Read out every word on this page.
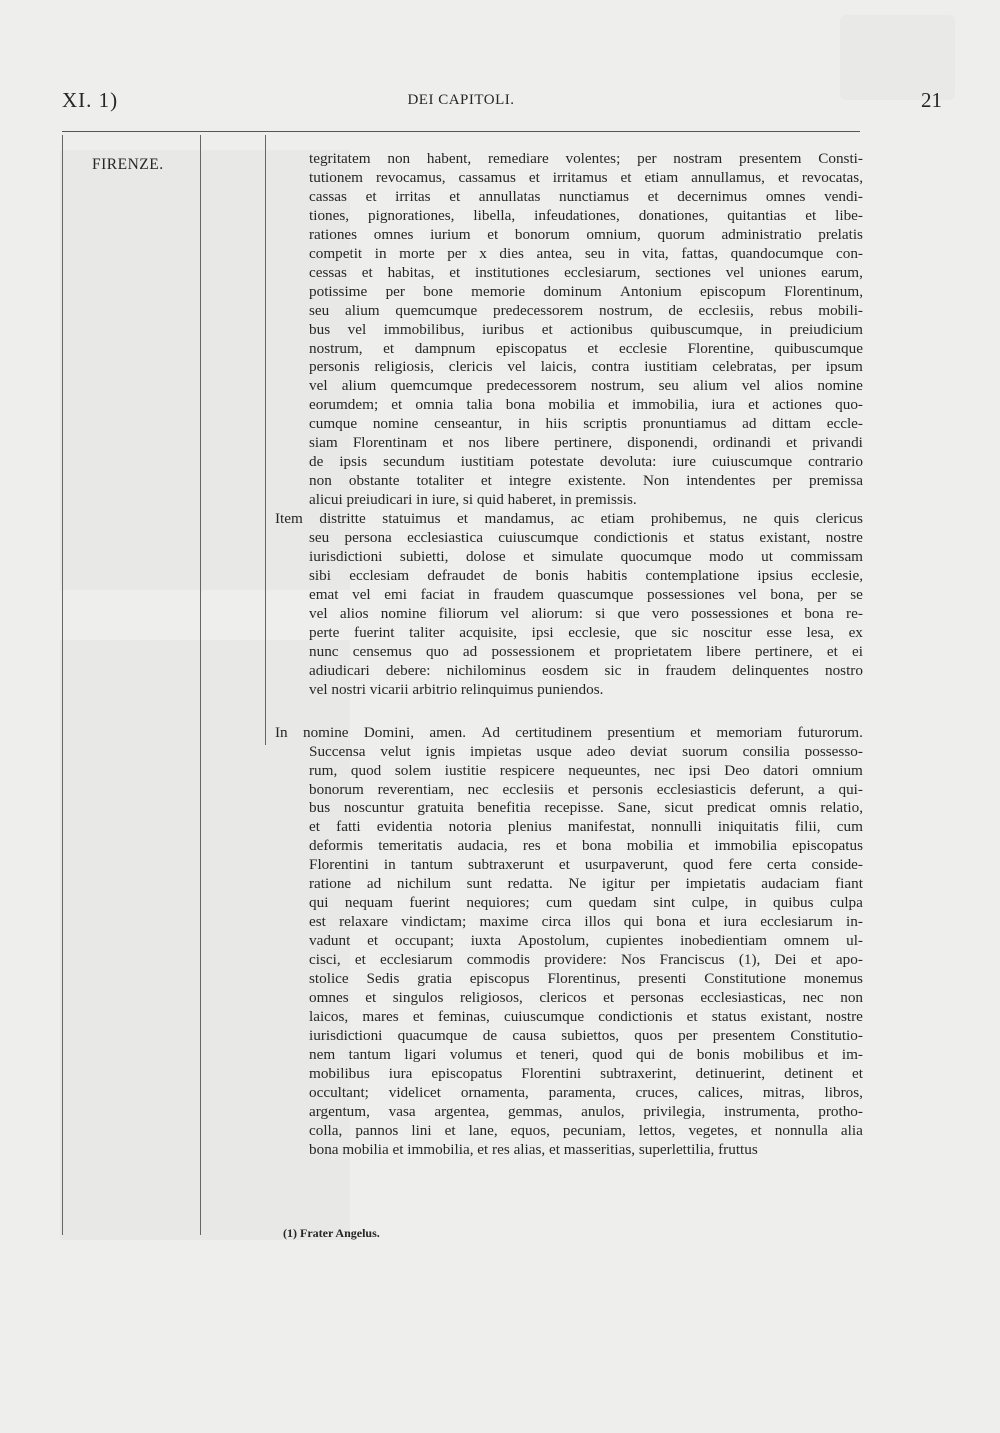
XI. 1)	DEI CAPITOLI.	21
FIRENZE.	tegritatem non habent, remediare volentes; per nostram presentem Consti-
tutionem revocamus, cassamus et irritamus et etiam annullamus, et revocatas,
cassas et irritas et annullatas nunctiamus et decernimus omnes vendi-
tiones, pignorationes, libella, infeudationes, donationes, quitantias et libe-
rationes omnes iurium et bonorum omnium, quorum administratio prelatis
competit in morte per x dies antea, seu in vita, fattas, quandocumque con-
cessas et habitas, et institutiones ecclesiarum, sectiones vel uniones earum,
potissime per bone memorie dominum Antonium episcopum Florentinum,
seu alium quemcumque predecessorem nostrum, de ecclesiis, rebus mobili-
bus vel immobilibus, iuribus et actionibus quibuscumque, in preiudicium
nostrum, et dampnum episcopatus et ecclesie Florentine, quibuscumque
personis religiosis, clericis vel laicis, contra iustitiam celebratas, per ipsum
vel alium quemcumque predecessorem nostrum, seu alium vel alios nomine
eorumdem; et omnia talia bona mobilia et immobilia, iura et actiones quo-
cumque nomine censeantur, in hiis scriptis pronuntiamus ad dittam eccle-
siam Florentinam et nos libere pertinere, disponendi, ordinandi et privandi
de ipsis secundum iustitiam potestate devoluta: iure cuiuscumque contrario
non obstante totaliter et integre existente. Non intendentes per premissa
alicui preiudicari in iure, si quid haberet, in premissis.
Item distritte statuimus et mandamus, ac etiam prohibemus, ne quis clericus
seu persona ecclesiastica cuiuscumque condictionis et status existant, nostre
iurisdictioni subietti, dolose et simulate quocumque modo ut commissam
sibi ecclesiam defraudet de bonis habitis contemplatione ipsius ecclesie,
emat vel emi faciat in fraudem quascumque possessiones vel bona, per se
vel alios nomine filiorum vel aliorum: si que vero possessiones et bona re-
perte fuerint taliter acquisite, ipsi ecclesie, que sic noscitur esse lesa, ex
nunc censemus quo ad possessionem et proprietatem libere pertinere, et ei
adiudicari debere: nichilominus eosdem sic in fraudem delinquentes nostro
vel nostri vicarii arbitrio relinquimus puniendos.
In nomine Domini, amen. Ad certitudinem presentium et memoriam futurorum.
Succensa velut ignis impietas usque adeo deviat suorum consilia possesso-
rum, quod solem iustitie respicere nequeuntes, nec ipsi Deo datori omnium
bonorum reverentiam, nec ecclesiis et personis ecclesiasticis deferunt, a qui-
bus noscuntur gratuita benefitia recepisse. Sane, sicut predicat omnis relatio,
et fatti evidentia notoria plenius manifestat, nonnulli iniquitatis filii, cum
deformis temeritatis audacia, res et bona mobilia et immobilia episcopatus
Florentini in tantum subtraxerunt et usurpaverunt, quod fere certa conside-
ratione ad nichilum sunt redatta. Ne igitur per impietatis audaciam fiant
qui nequam fuerint nequiores; cum quedam sint culpe, in quibus culpa
est relaxare vindictam; maxime circa illos qui bona et iura ecclesiarum in-
vadunt et occupant; iuxta Apostolum, cupientes inobedientiam omnem ul-
cisci, et ecclesiarum commodis providere: Nos Franciscus (1), Dei et apo-
stolice Sedis gratia episcopus Florentinus, presenti Constitutione monemus
omnes et singulos religiosos, clericos et personas ecclesiasticas, nec non
laicos, mares et feminas, cuiuscumque condictionis et status existant, nostre
iurisdictioni quacumque de causa subiettos, quos per presentem Constitutio-
nem tantum ligari volumus et teneri, quod qui de bonis mobilibus et im-
mobilibus iura episcopatus Florentini subtraxerint, detinuerint, detinent et
occultant; videlicet ornamenta, paramenta, cruces, calices, mitras, libros,
argentum, vasa argentea, gemmas, anulos, privilegia, instrumenta, protho-
colla, pannos lini et lane, equos, pecuniam, lettos, vegetes, et nonnulla alia
bona mobilia et immobilia, et res alias, et masseritias, superlettilia, fruttus
(1) Frater Angelus.
